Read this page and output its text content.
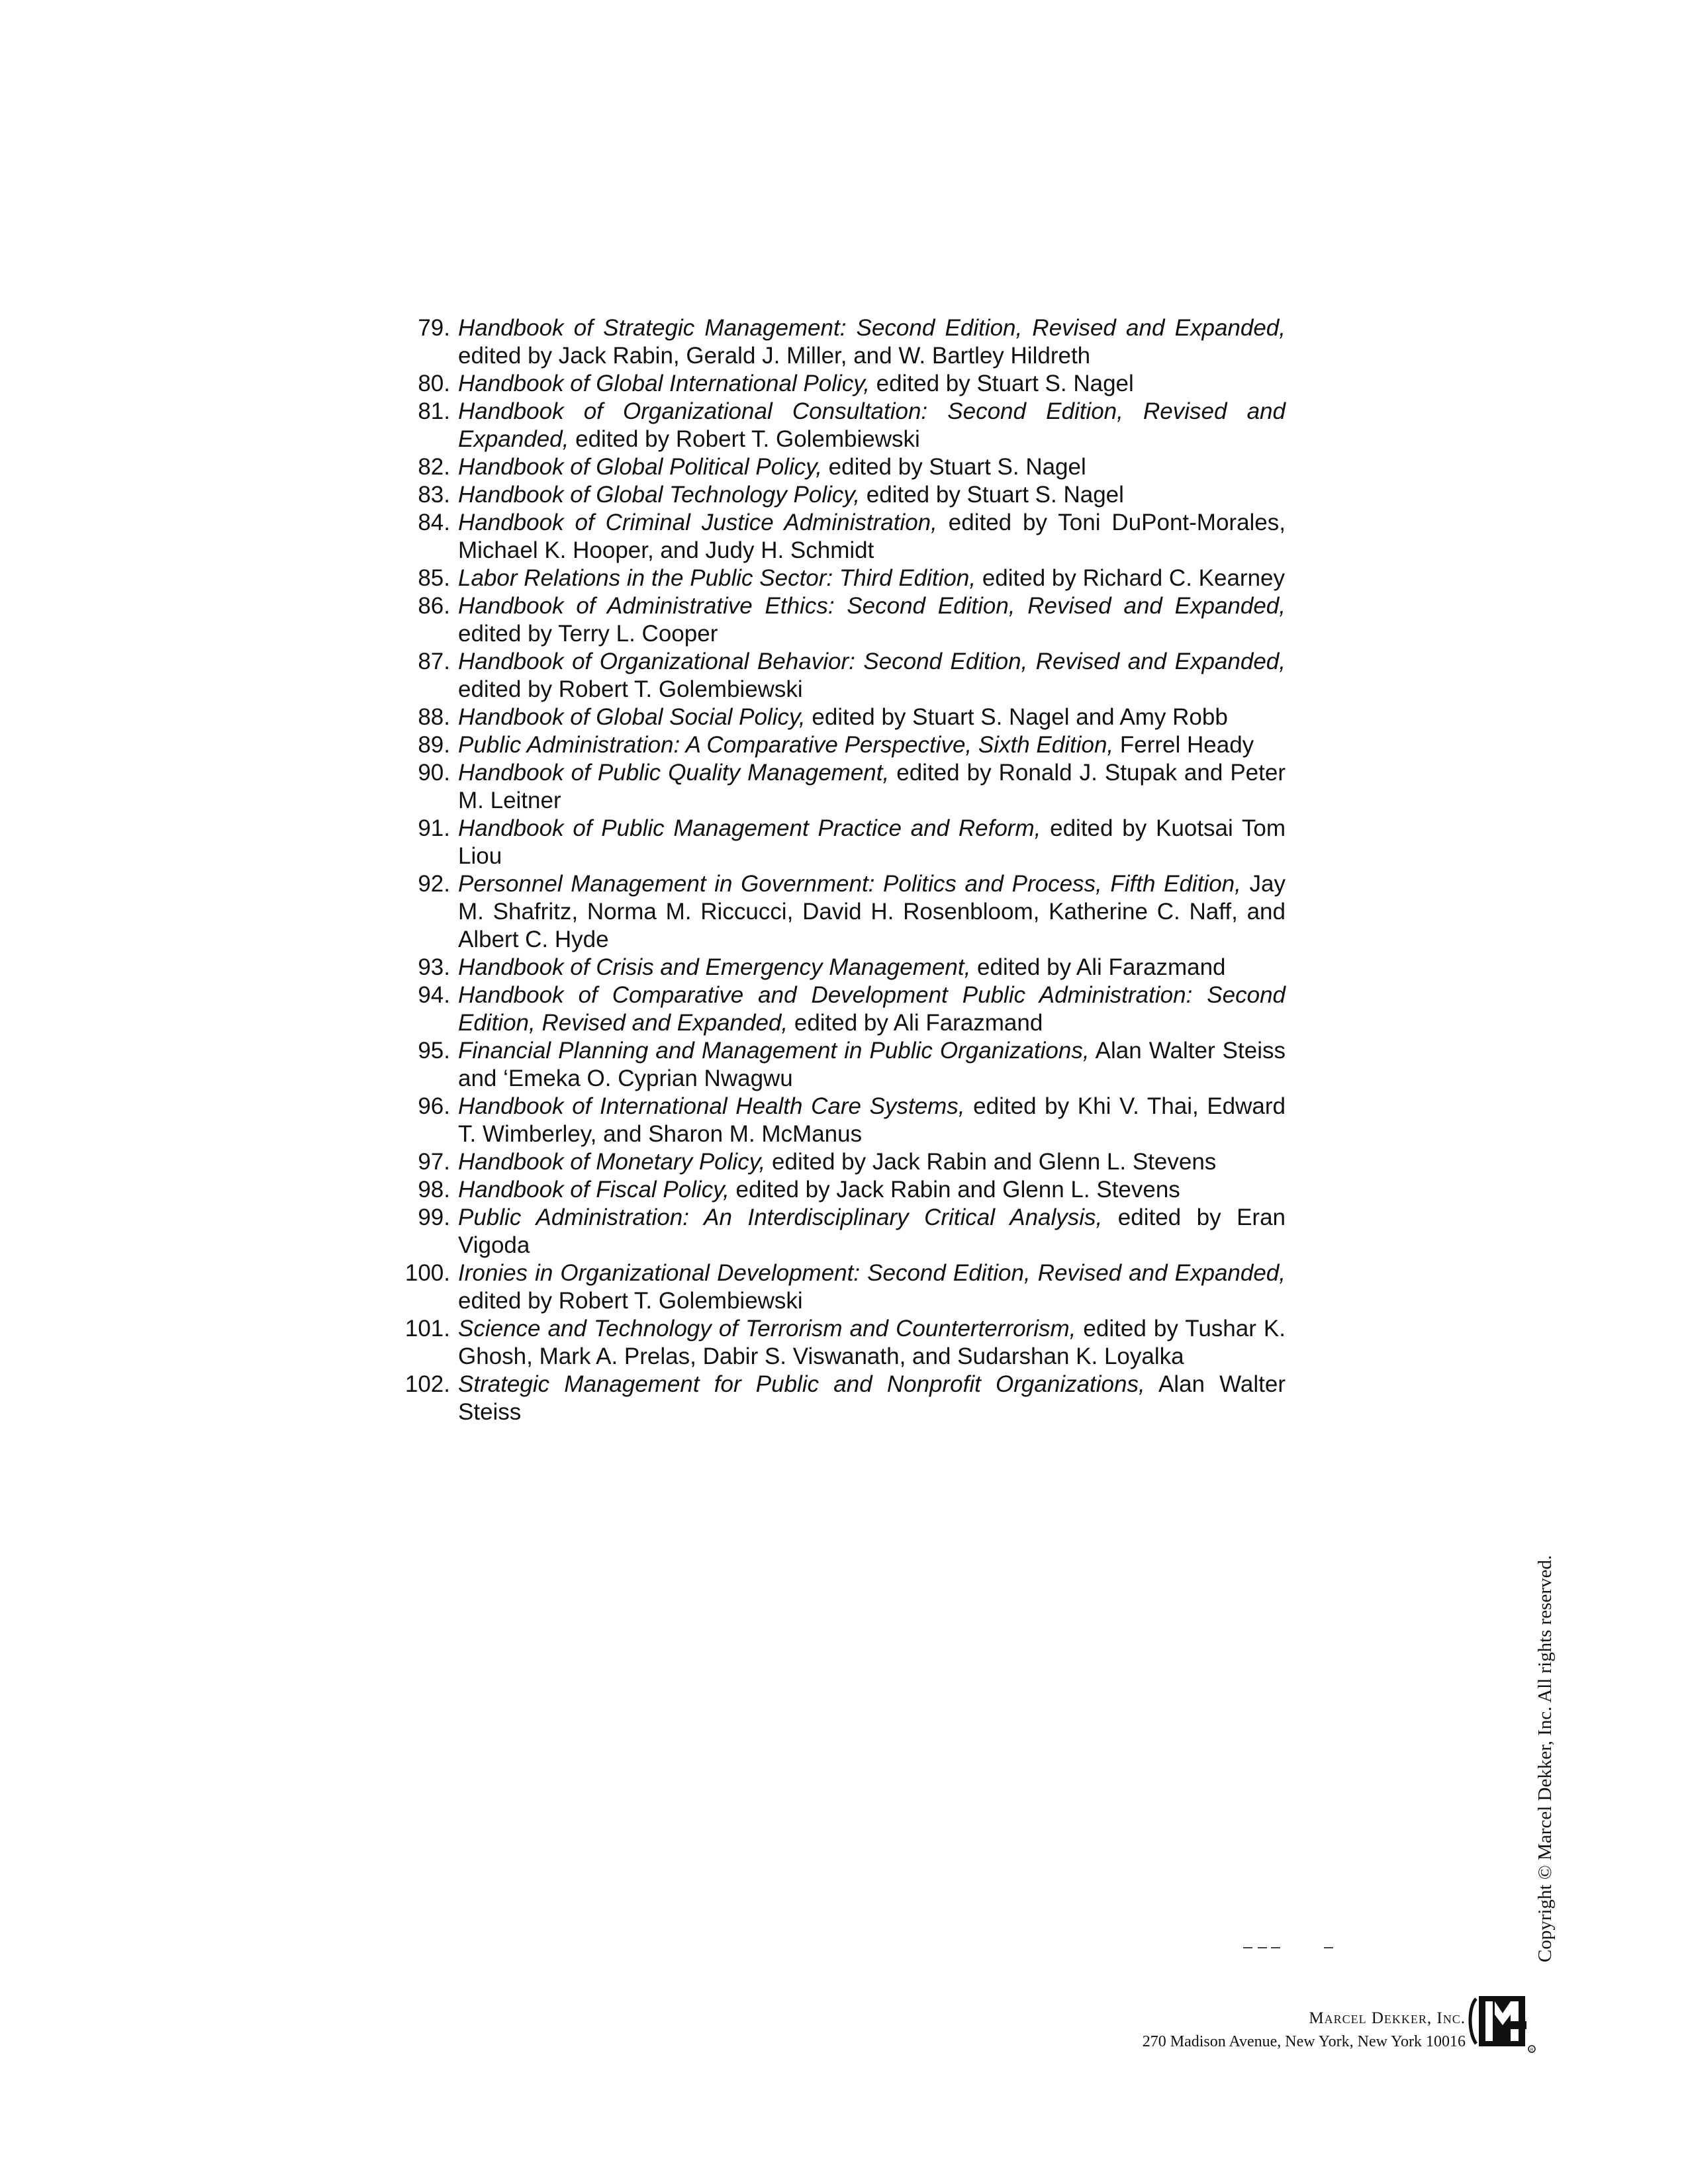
79. Handbook of Strategic Management: Second Edition, Revised and Expanded, edited by Jack Rabin, Gerald J. Miller, and W. Bartley Hildreth
80. Handbook of Global International Policy, edited by Stuart S. Nagel
81. Handbook of Organizational Consultation: Second Edition, Revised and Expanded, edited by Robert T. Golembiewski
82. Handbook of Global Political Policy, edited by Stuart S. Nagel
83. Handbook of Global Technology Policy, edited by Stuart S. Nagel
84. Handbook of Criminal Justice Administration, edited by Toni DuPont-Morales, Michael K. Hooper, and Judy H. Schmidt
85. Labor Relations in the Public Sector: Third Edition, edited by Richard C. Kearney
86. Handbook of Administrative Ethics: Second Edition, Revised and Expanded, edited by Terry L. Cooper
87. Handbook of Organizational Behavior: Second Edition, Revised and Expanded, edited by Robert T. Golembiewski
88. Handbook of Global Social Policy, edited by Stuart S. Nagel and Amy Robb
89. Public Administration: A Comparative Perspective, Sixth Edition, Ferrel Heady
90. Handbook of Public Quality Management, edited by Ronald J. Stupak and Peter M. Leitner
91. Handbook of Public Management Practice and Reform, edited by Kuotsai Tom Liou
92. Personnel Management in Government: Politics and Process, Fifth Edition, Jay M. Shafritz, Norma M. Riccucci, David H. Rosenbloom, Katherine C. Naff, and Albert C. Hyde
93. Handbook of Crisis and Emergency Management, edited by Ali Farazmand
94. Handbook of Comparative and Development Public Administration: Second Edition, Revised and Expanded, edited by Ali Farazmand
95. Financial Planning and Management in Public Organizations, Alan Walter Steiss and ‘Emeka O. Cyprian Nwagwu
96. Handbook of International Health Care Systems, edited by Khi V. Thai, Edward T. Wimberley, and Sharon M. McManus
97. Handbook of Monetary Policy, edited by Jack Rabin and Glenn L. Stevens
98. Handbook of Fiscal Policy, edited by Jack Rabin and Glenn L. Stevens
99. Public Administration: An Interdisciplinary Critical Analysis, edited by Eran Vigoda
100. Ironies in Organizational Development: Second Edition, Revised and Expanded, edited by Robert T. Golembiewski
101. Science and Technology of Terrorism and Counterterrorism, edited by Tushar K. Ghosh, Mark A. Prelas, Dabir S. Viswanath, and Sudarshan K. Loyalka
102. Strategic Management for Public and Nonprofit Organizations, Alan Walter Steiss
Copyright © Marcel Dekker, Inc. All rights reserved.
Marcel Dekker, Inc.
270 Madison Avenue, New York, New York 10016	R
